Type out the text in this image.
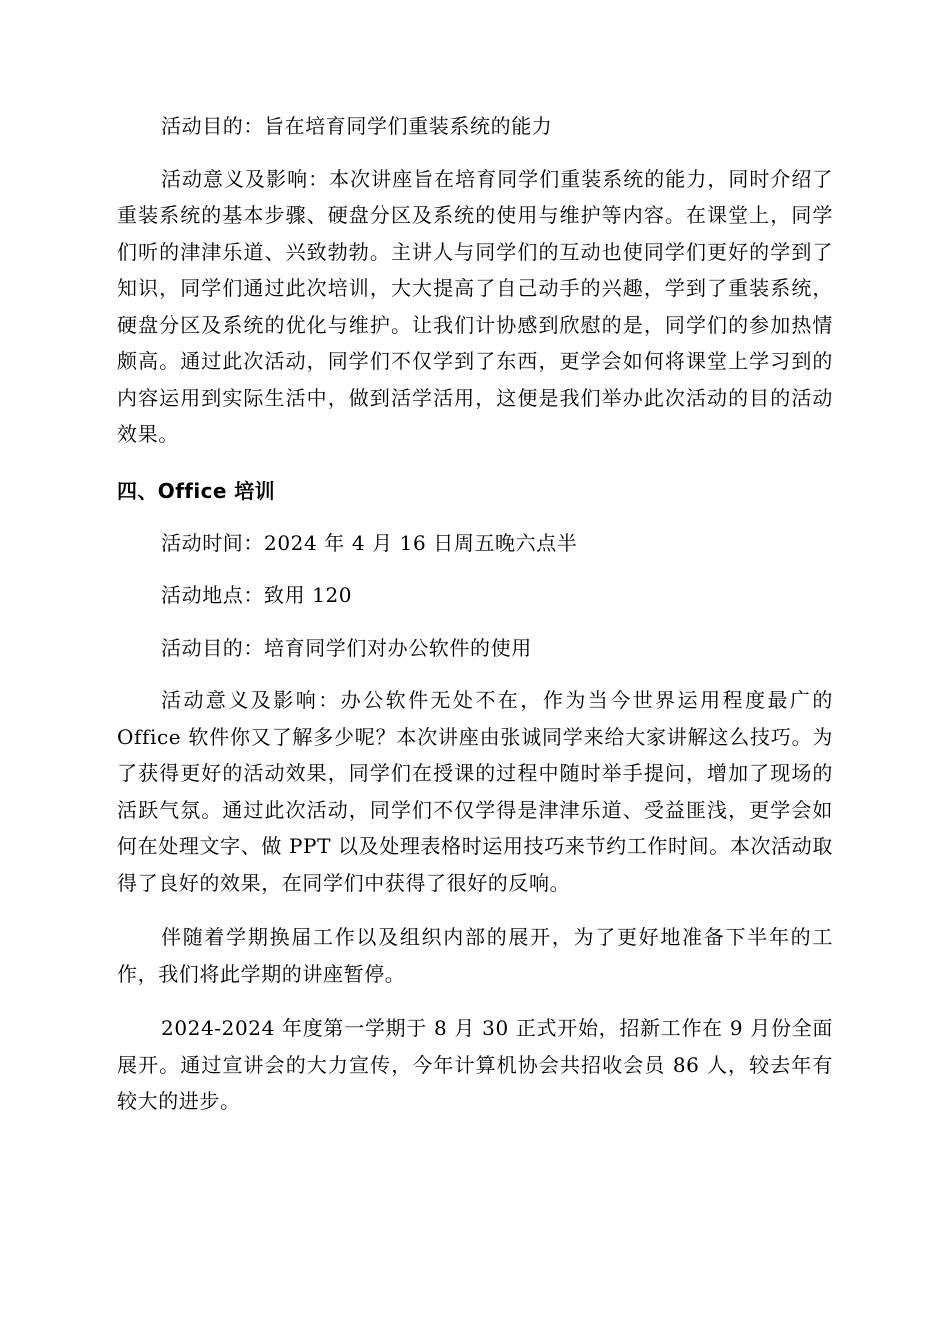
活动目的：旨在培育同学们重装系统的能力

活动意义及影响：本次讲座旨在培育同学们重装系统的能力，同时介绍了重装系统的基本步骤、硬盘分区及系统的使用与维护等内容。在课堂上，同学们听的津津乐道、兴致勃勃。主讲人与同学们的互动也使同学们更好的学到了知识，同学们通过此次培训，大大提高了自己动手的兴趣，学到了重装系统，硬盘分区及系统的优化与维护。让我们计协感到欣慰的是，同学们的参加热情颇高。通过此次活动，同学们不仅学到了东西，更学会如何将课堂上学习到的内容运用到实际生活中，做到活学活用，这便是我们举办此次活动的目的活动效果。

四、Office 培训

活动时间：2024 年 4 月 16 日周五晚六点半

活动地点：致用 120

活动目的：培育同学们对办公软件的使用

活动意义及影响：办公软件无处不在，作为当今世界运用程度最广的 Office 软件你又了解多少呢？本次讲座由张诚同学来给大家讲解这么技巧。为了获得更好的活动效果，同学们在授课的过程中随时举手提问，增加了现场的活跃气氛。通过此次活动，同学们不仅学得是津津乐道、受益匪浅，更学会如何在处理文字、做 PPT 以及处理表格时运用技巧来节约工作时间。本次活动取得了良好的效果，在同学们中获得了很好的反响。

伴随着学期换届工作以及组织内部的展开，为了更好地准备下半年的工作，我们将此学期的讲座暂停。

2024-2024 年度第一学期于 8 月 30 正式开始，招新工作在 9 月份全面展开。通过宣讲会的大力宣传，今年计算机协会共招收会员 86 人，较去年有较大的进步。
